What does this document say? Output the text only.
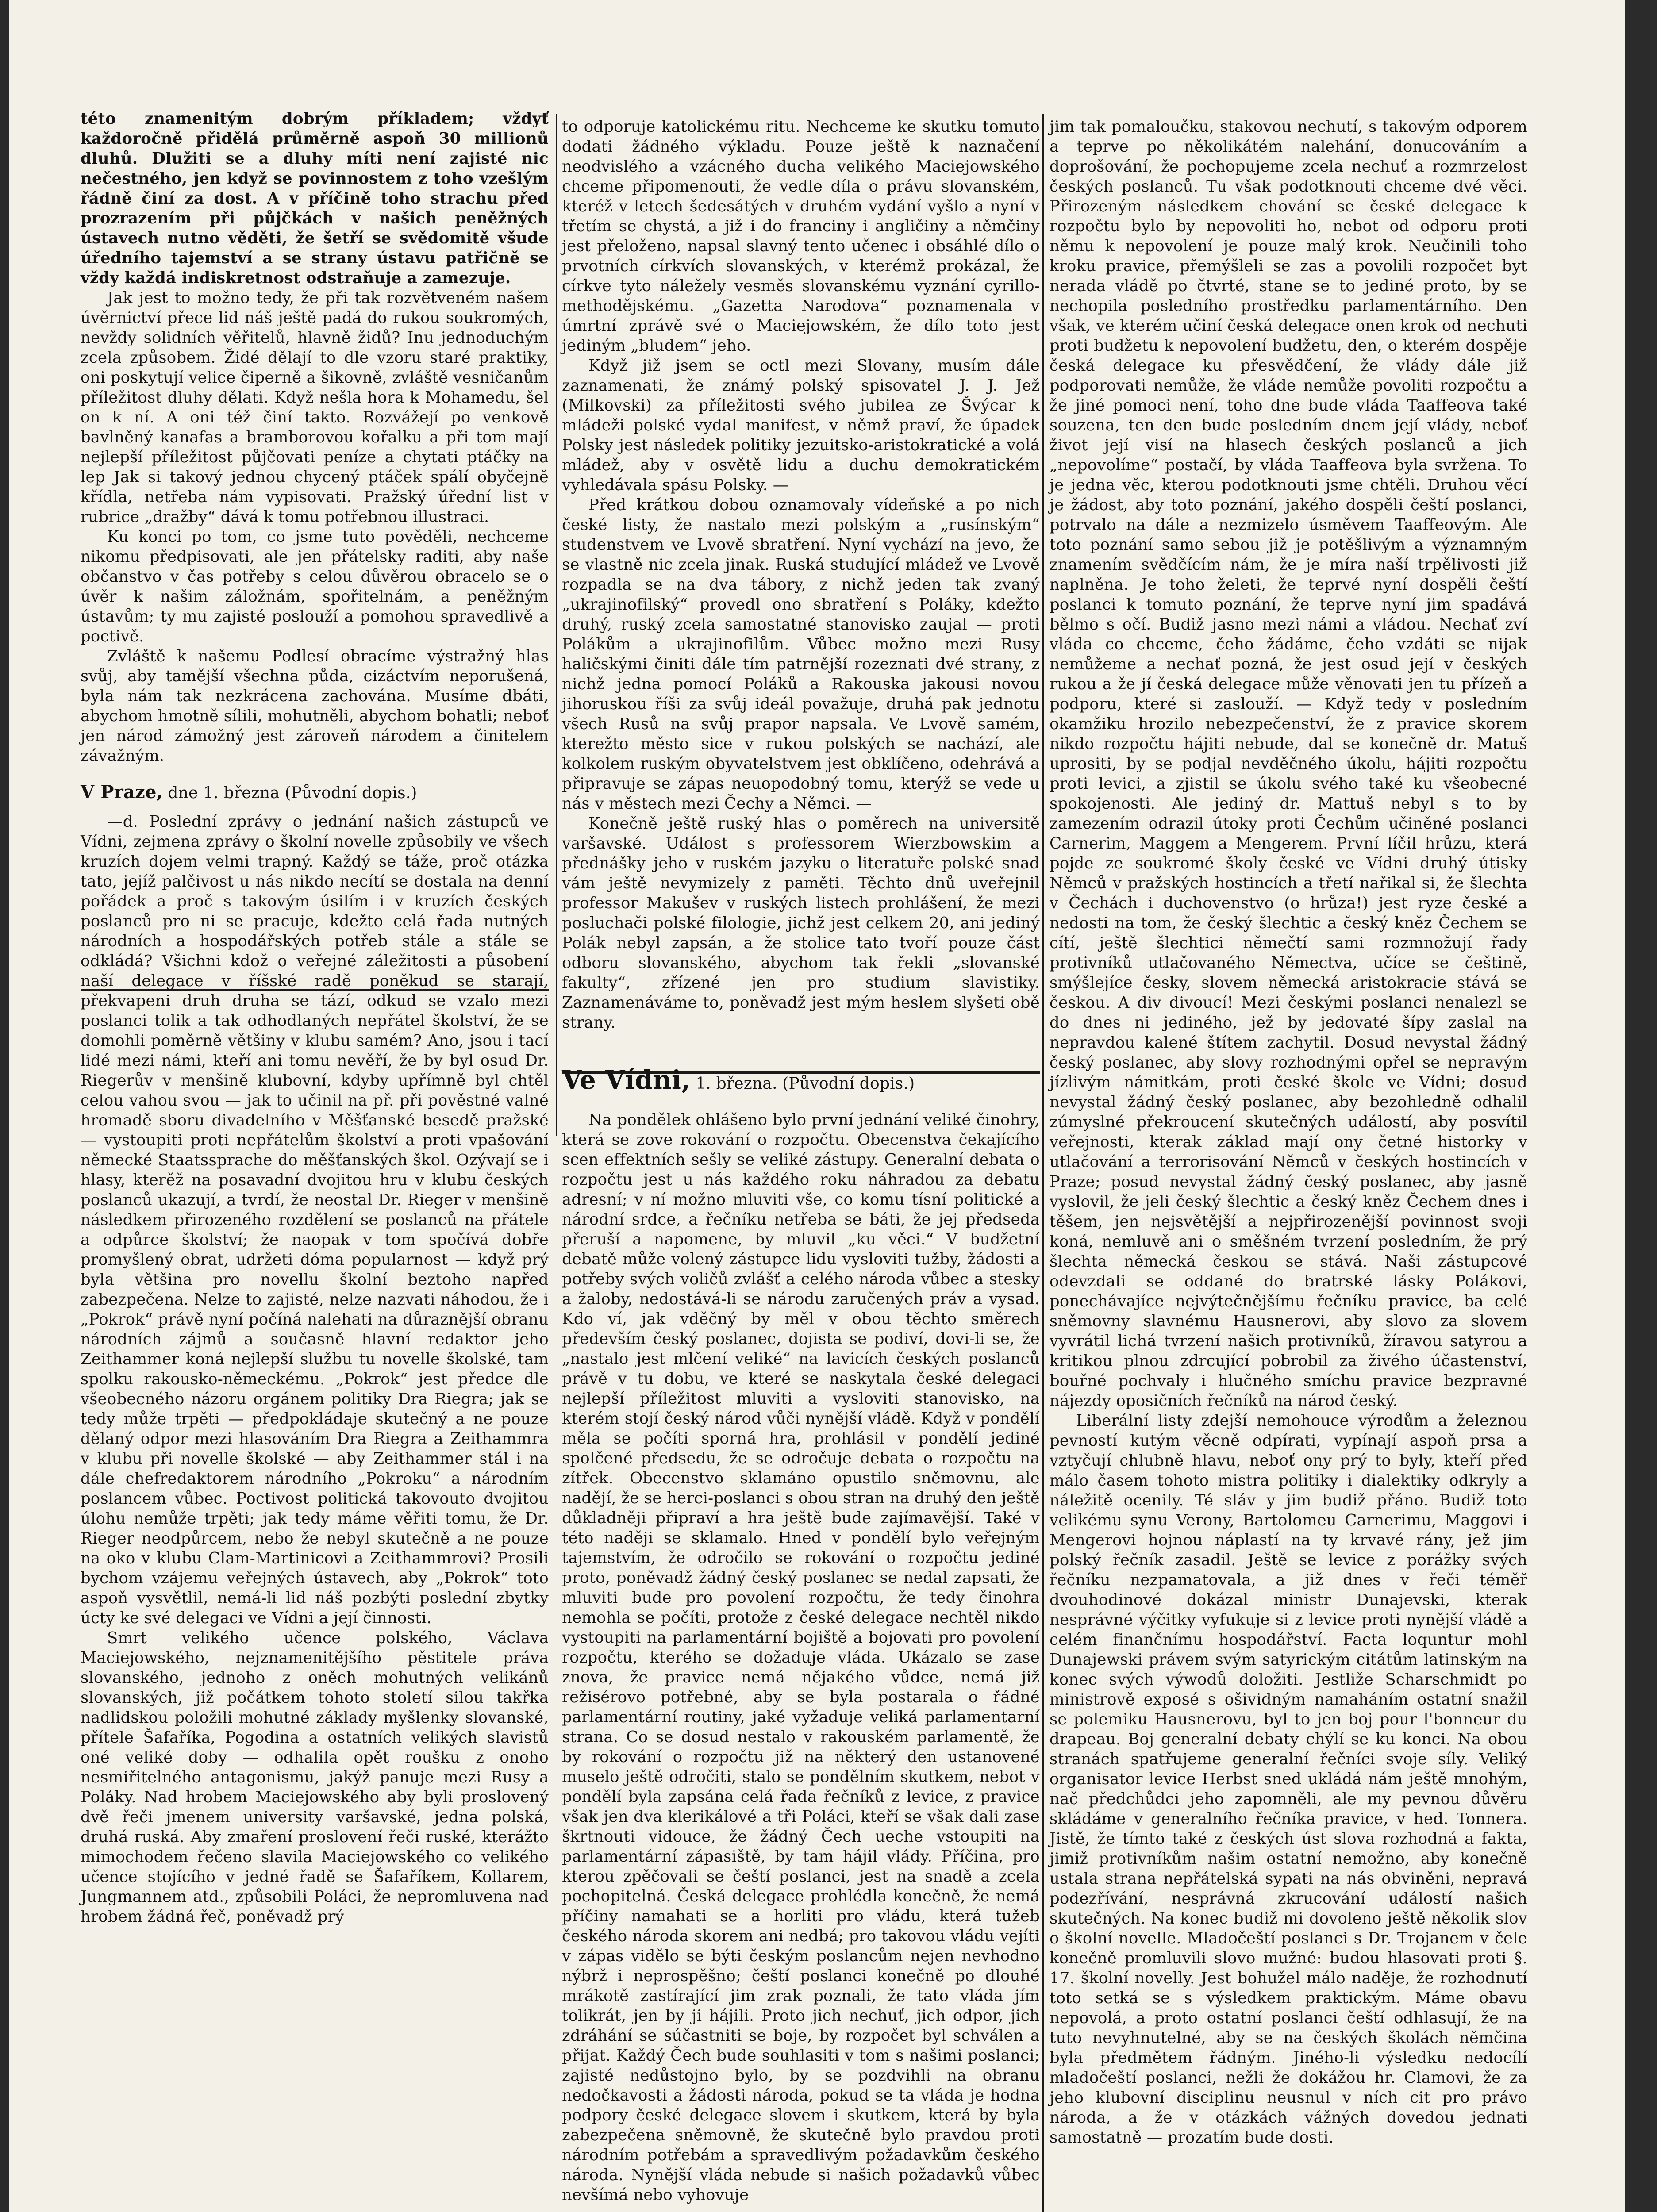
této znamenitým dobrým příkladem; vždyť každoročně přidělá průměrně aspoň 30 millionů dluhů. Dlužiti se a dluhy míti není zajisté nic nečestného, jen když se povinnostem z toho vzešlým řádně činí za dost. A v příčině toho strachu před prozrazením při půjčkách v našich peněžných ústavech nutno věděti, že šetří se svědomitě všude úředního tajemství a se strany ústavu patřičně se vždy každá indiskretnost odstraňuje a zamezuje.

Jak jest to možno tedy, že při tak rozvětveném našem úvěrnictví přece lid náš ještě padá do rukou soukromých, nevždy solidních věřitelů, hlavně židů? Inu jednoduchým zcela způsobem. Židé dělají to dle vzoru staré praktiky, oni poskytují velice čiperně a šikovně, zvláště vesničanům příležitost dluhy dělati. Když nešla hora k Mohamedu, šel on k ní. A oni též činí takto. Rozvážejí po venkově bavlněný kanafas a bramborovou kořalku a při tom mají nejlepší příležitost půjčovati peníze a chytati ptáčky na lep Jak si takový jednou chycený ptáček spálí obyčejně křídla, netřeba nám vypisovati. Pražský úřední list v rubrice „dražby“ dává k tomu potřebnou illustraci.

Ku konci po tom, co jsme tuto pověděli, nechceme nikomu předpisovati, ale jen přátelsky raditi, aby naše občanstvo v čas potřeby s celou důvěrou obracelo se o úvěr k našim záložnám, spořitelnám, a peněžným ústavům; ty mu zajisté poslouží a pomohou spravedlivě a poctivě.

Zvláště k našemu Podlesí obracíme výstražný hlas svůj, aby tamější všechna půda, cizáctvím neporušená, byla nám tak nezkrácena zachována. Musíme dbáti, abychom hmotně sílili, mohutněli, abychom bohatli; neboť jen národ zámožný jest zároveň národem a činitelem závažným.

V Praze, dne 1. března (Původní dopis.)

—d. Poslední zprávy o jednání našich zástupců ve Vídni, zejmena zprávy o školní novelle způsobily ve všech kruzích dojem velmi trapný. Každý se táže, proč otázka tato, jejíž palčivost u nás nikdo necítí se dostala na denní pořádek a proč s takovým úsilím i v kruzích českých poslanců pro ni se pracuje, kdežto celá řada nutných národních a hospodářských potřeb stále a stále se odkládá? Všichni kdož o veřejné záležitosti a působení naší delegace v říšské radě poněkud se starají, překvapeni druh druha se tází, odkud se vzalo mezi poslanci tolik a tak odhodlaných nepřátel školství, že se domohli poměrně většiny v klubu samém? Ano, jsou i tací lidé mezi námi, kteří ani tomu nevěří, že by byl osud Dr. Riegerův v menšině klubovní, kdyby upřímně byl chtěl celou vahou svou — jak to učinil na př. při pověstné valné hromadě sboru divadelního v Měšťanské besedě pražské — vystoupiti proti nepřátelům školství a proti vpašování německé Staatssprache do měšťanských škol. Ozývají se i hlasy, kterěž na posavadní dvojitou hru v klubu českých poslanců ukazují, a tvrdí, že neostal Dr. Rieger v menšině následkem přirozeného rozdělení se poslanců na přátele a odpůrce školství; že naopak v tom spočívá dobře promyšlený obrat, udržeti dóma popularnost — když prý byla většina pro novellu školní beztoho napřed zabezpečena. Nelze to zajisté, nelze nazvati náhodou, že i „Pokrok“ právě nyní počíná nalehati na důraznější obranu národních zájmů a současně hlavní redaktor jeho Zeithammer koná nejlepší službu tu novelle školské, tam spolku rakousko-německému. „Pokrok“ jest předce dle všeobecného názoru orgánem politiky Dra Riegra; jak se tedy může trpěti — předpokládaje skutečný a ne pouze dělaný odpor mezi hlasováním Dra Riegra a Zeithammra v klubu při novelle školské — aby Zeithammer stál i na dále chefredaktorem národního „Pokroku“ a národním poslancem vůbec. Poctivost politická takovouto dvojitou úlohu nemůže trpěti; jak tedy máme věřiti tomu, že Dr. Rieger neodpůrcem, nebo že nebyl skutečně a ne pouze na oko v klubu Clam-Martinicovi a Zeithammrovi? Prosili bychom vzájemu veřejných ústavech, aby „Pokrok“ toto aspoň vysvětlil, nemá-li lid náš pozbýti poslední zbytky úcty ke své delegaci ve Vídni a její činnosti.

Smrt velikého učence polského, Václava Maciejowského, nejznamenitějšího pěstitele práva slovanského, jednoho z oněch mohutných velikánů slovanských, již počátkem tohoto století silou takřka nadlidskou položili mohutné základy myšlenky slovanské, přítele Šafaříka, Pogodina a ostatních velikých slavistů oné veliké doby — odhalila opět roušku z onoho nesmiřitelného antagonismu, jakýž panuje mezi Rusy a Poláky. Nad hrobem Maciejowského aby byli proslovený dvě řeči jmenem university varšavské, jedna polská, druhá ruská. Aby zmaření proslovení řeči ruské, kterážto mimochodem řečeno slavila Maciejowského co velikého učence stojícího v jedné řadě se Šafaříkem, Kollarem, Jungmannem atd., způsobili Poláci, že nepromluvena nad hrobem žádná řeč, poněvadž prý

to odporuje katolickému ritu. Nechceme ke skutku tomuto dodati žádného výkladu. Pouze ještě k naznačení neodvislého a vzácného ducha velikého Maciejowského chceme připomenouti, že vedle díla o právu slovanském, kteréž v letech šedesátých v druhém vydání vyšlo a nyní v třetím se chystá, a již i do franciny i angličiny a němčiny jest přeloženo, napsal slavný tento učenec i obsáhlé dílo o prvotních církvích slovanských, v kterémž prokázal, že církve tyto náležely vesměs slovanskému vyznání cyrillo-methodějskému. „Gazetta Narodova“ poznamenala v úmrtní zprávě své o Maciejowském, že dílo toto jest jediným „bludem“ jeho.

Když již jsem se octl mezi Slovany, musím dále zaznamenati, že známý polský spisovatel J. J. Jež (Milkovski) za příležitosti svého jubilea ze Švýcar k mládeži polské vydal manifest, v němž praví, že úpadek Polsky jest následek politiky jezuitsko-aristokratické a volá mládež, aby v osvětě lidu a duchu demokratickém vyhledávala spásu Polsky. —

Před krátkou dobou oznamovaly vídeňské a po nich české listy, že nastalo mezi polským a „rusínským“ studenstvem ve Lvově sbratření. Nyní vychází na jevo, že se vlastně nic zcela jinak. Ruská studující mládež ve Lvově rozpadla se na dva tábory, z nichž jeden tak zvaný „ukrajinofilský“ provedl ono sbratření s Poláky, kdežto druhý, ruský zcela samostatné stanovisko zaujal — proti Polákům a ukrajinofilům. Vůbec možno mezi Rusy haličskými činiti dále tím patrnější rozeznati dvé strany, z nichž jedna pomocí Poláků a Rakouska jakousi novou jihoruskou říši za svůj ideál považuje, druhá pak jednotu všech Rusů na svůj prapor napsala. Ve Lvově samém, kterežto město sice v rukou polských se nachází, ale kolkolem ruským obyvatelstvem jest obklíčeno, odehrává a připravuje se zápas neuopodobný tomu, kterýž se vede u nás v městech mezi Čechy a Němci. —

Konečně ještě ruský hlas o poměrech na universitě varšavské. Událost s professorem Wierzbowskim a přednášky jeho v ruském jazyku o literatuře polské snad vám ještě nevymizely z paměti. Těchto dnů uveřejnil professor Makušev v ruských listech prohlášení, že mezi posluchači polské filologie, jichž jest celkem 20, ani jediný Polák nebyl zapsán, a že stolice tato tvoří pouze část odboru slovanského, abychom tak řekli „slovanské fakulty“, zřízené jen pro studium slavistiky. Zaznamenáváme to, poněvadž jest mým heslem slyšeti obě strany.

Ve Vídni, 1. března. (Původní dopis.)

Na pondělek ohlášeno bylo první jednání veliké činohry, která se zove rokování o rozpočtu. Obecenstva čekajícího scen effektních sešly se veliké zástupy. Generalní debata o rozpočtu jest u nás každého roku náhradou za debatu adresní; v ní možno mluviti vše, co komu tísní politické a národní srdce, a řečníku netřeba se báti, že jej předseda přeruší a napomene, by mluvil „ku věci.“ V budžetní debatě může volený zástupce lidu vysloviti tužby, žádosti a potřeby svých voličů zvlášť a celého národa vůbec a stesky a žaloby, nedostává-li se národu zaručených práv a vysad. Kdo ví, jak vděčný by měl v obou těchto směrech především český poslanec, dojista se podiví, dovi-li se, že „nastalo jest mlčení veliké“ na lavicích českých poslanců právě v tu dobu, ve které se naskytala české delegaci nejlepší příležitost mluviti a vysloviti stanovisko, na kterém stojí český národ vůči nynější vládě. Když v pondělí měla se počíti sporná hra, prohlásil v pondělí jediné spolčené předsedu, že se odročuje debata o rozpočtu na zítřek. Obecenstvo sklamáno opustilo sněmovnu, ale nadějí, že se herci-poslanci s obou stran na druhý den ještě důkladněji připraví a hra ještě bude zajímavější. Také v této naději se sklamalo. Hned v pondělí bylo veřejným tajemstvím, že odročilo se rokování o rozpočtu jediné proto, poněvadž žádný český poslanec se nedal zapsati, že mluviti bude pro povolení rozpočtu, že tedy činohra nemohla se počíti, protože z české delegace nechtěl nikdo vystoupiti na parlamentární bojiště a bojovati pro povolení rozpočtu, kterého se dožaduje vláda. Ukázalo se zase znova, že pravice nemá nějakého vůdce, nemá již režisérovo potřebné, aby se byla postarala o řádné parlamentární routiny, jaké vyžaduje veliká parlamentarní strana. Co se dosud nestalo v rakouském parlamentě, že by rokování o rozpočtu již na některý den ustanovené muselo ještě odročiti, stalo se pondělním skutkem, nebot v pondělí byla zapsána celá řada řečníků z levice, z pravice však jen dva klerikálové a tři Poláci, kteří se však dali zase škrtnouti vidouce, že žádný Čech ueche vstoupiti na parlamentární zápasiště, by tam hájil vlády. Příčina, pro kterou zpěčovali se čeští poslanci, jest na snadě a zcela pochopitelná. Česká delegace prohlédla konečně, že nemá příčiny namahati se a horliti pro vládu, která tužeb českého národa skorem ani nedbá; pro takovou vládu vejíti v zápas vidělo se býti českým poslancům nejen nevhodno nýbrž i neprospěšno; čeští poslanci konečně po dlouhé mrákotě zastírající jim zrak poznali, že tato vláda jím tolikrát, jen by ji hájili. Proto jich nechuť, jich odpor, jich zdráhání se súčastniti se boje, by rozpočet byl schválen a přijat. Každý Čech bude souhlasiti v tom s našimi poslanci; zajisté nedůstojno bylo, by se pozdvihli na obranu nedočkavosti a žádosti národa, pokud se ta vláda je hodna podpory české delegace slovem i skutkem, která by byla zabezpečena sněmovně, že skutečně bylo pravdou proti národním potřebám a spravedlivým požadavkům českého národa. Nynější vláda nebude si našich požadavků vůbec nevšímá nebo vyhovuje

jim tak pomaloučku, stakovou nechutí, s takovým odporem a teprve po několikátém nalehání, donucováním a doprošování, že pochopujeme zcela nechuť a rozmrzelost českých poslanců. Tu však podotknouti chceme dvé věci. Přirozeným následkem chování se české delegace k rozpočtu bylo by nepovoliti ho, nebot od odporu proti němu k nepovolení je pouze malý krok. Neučinili toho kroku pravice, přemýšleli se zas a povolili rozpočet byt nerada vládě po čtvrté, stane se to jediné proto, by se nechopila posledního prostředku parlamentárního. Den však, ve kterém učiní česká delegace onen krok od nechuti proti budžetu k nepovolení budžetu, den, o kterém dospěje česká delegace ku přesvědčení, že vlády dále již podporovati nemůže, že vláde nemůže povoliti rozpočtu a že jiné pomoci není, toho dne bude vláda Taaffeova také souzena, ten den bude posledním dnem její vlády, neboť život její visí na hlasech českých poslanců a jich „nepovolíme“ postačí, by vláda Taaffeova byla svržena. To je jedna věc, kterou podotknouti jsme chtěli. Druhou věcí je žádost, aby toto poznání, jakého dospěli čeští poslanci, potrvalo na dále a nezmizelo úsměvem Taaffeovým. Ale toto poznání samo sebou již je potěšlivým a významným znamením svědčícím nám, že je míra naší trpělivosti již naplněna. Je toho želeti, že teprvé nyní dospěli čeští poslanci k tomuto poznání, že teprve nyní jim spadává bělmo s očí. Budiž jasno mezi námi a vládou. Nechať zví vláda co chceme, čeho žádáme, čeho vzdáti se nijak nemůžeme a nechať pozná, že jest osud její v českých rukou a že jí česká delegace může věnovati jen tu přízeň a podporu, které si zaslouží. — Když tedy v posledním okamžiku hrozilo nebezpečenství, že z pravice skorem nikdo rozpočtu hájiti nebude, dal se konečně dr. Matuš uprositi, by se podjal nevděčného úkolu, hájiti rozpočtu proti levici, a zjistil se úkolu svého také ku všeobecné spokojenosti. Ale jediný dr. Mattuš nebyl s to by zamezením odrazil útoky proti Čechům učiněné poslanci Carnerim, Maggem a Mengerem. První líčil hrůzu, která pojde ze soukromé školy české ve Vídni druhý útisky Němců v pražských hostincích a třetí nařikal si, že šlechta v Čechách i duchovenstvo (o hrůza!) jest ryze české a nedosti na tom, že český šlechtic a český kněz Čechem se cítí, ještě šlechtici němečtí sami rozmnožují řady protivníků utlačovaného Němectva, učíce se češtině, smýšlejíce česky, slovem německá aristokracie stává se českou. A div divoucí! Mezi českými poslanci nenalezl se do dnes ni jediného, jež by jedovaté šípy zaslal na nepravdou kalené štítem zachytil. Dosud nevystal žádný český poslanec, aby slovy rozhodnými opřel se nepravým jízlivým námitkám, proti české škole ve Vídni; dosud nevystal žádný český poslanec, aby bezohledně odhalil zúmyslné překroucení skutečných událostí, aby posvítil veřejnosti, kterak základ mají ony četné historky v utlačování a terrorisování Němců v českých hostincích v Praze; posud nevystal žádný český poslanec, aby jasně vyslovil, že jeli český šlechtic a český kněz Čechem dnes i těšem, jen nejsvětější a nejpřirozenější povinnost svoji koná, nemluvě ani o směšném tvrzení posledním, že prý šlechta německá českou se stává. Naši zástupcové odevzdali se oddané do bratrské lásky Polákovi, ponechávajíce nejvýtečnějšímu řečníku pravice, ba celé sněmovny slavnému Hausnerovi, aby slovo za slovem vyvrátil lichá tvrzení našich protivníků, žíravou satyrou a kritikou plnou zdrcující pobrobil za živého účastenství, bouřné pochvaly i hlučného smíchu pravice bezpravné nájezdy oposičních řečníků na národ český.

Liberální listy zdejší nemohouce výrodům a železnou pevností kutým věcně odpírati, vypínají aspoň prsa a vztyčují chlubně hlavu, neboť ony prý to byly, kteří před málo časem tohoto mistra politiky i dialektiky odkryly a náležitě ocenily. Té sláv y jim budiž přáno. Budiž toto velikému synu Verony, Bartolomeu Carnerimu, Maggovi i Mengerovi hojnou náplastí na ty krvavé rány, jež jim polský řečník zasadil. Ještě se levice z porážky svých řečníku nezpamatovala, a již dnes v řeči téměř dvouhodinové dokázal ministr Dunajevski, kterak nesprávné výčitky vyfukuje si z levice proti nynější vládě a celém finančnímu hospodářství. Facta loquntur mohl Dunajewski právem svým satyrickým citátům latinským na konec svých výwodů doložiti. Jestliže Scharschmidt po ministrově exposé s ošividným namaháním ostatní snažil se polemiku Hausnerovu, byl to jen boj pour l'bonneur du drapeau. Boj generalní debaty chýlí se ku konci. Na obou stranách spatřujeme generalní řečníci svoje síly. Veliký organisator levice Herbst sned ukládá nám ještě mnohým, nač předchůdci jeho zapomněli, ale my pevnou důvěru skládáme v generalního řečníka pravice, v hed. Tonnera. Jistě, že tímto také z českých úst slova rozhodná a fakta, jimiž protivníkům našim ostatní nemožno, aby konečně ustala strana nepřátelská sypati na nás obviněni, nepravá podezřívání, nesprávná zkrucování událostí našich skutečných. Na konec budiž mi dovoleno ještě několik slov o školní novelle. Mladočeští poslanci s Dr. Trojanem v čele konečně promluvili slovo mužné: budou hlasovati proti §. 17. školní novelly. Jest bohužel málo naděje, že rozhodnutí toto setká se s výsledkem praktickým. Máme obavu nepovolá, a proto ostatní poslanci čeští odhlasují, že na tuto nevyhnutelné, aby se na českých školách němčina byla předmětem řádným. Jiného-li výsledku nedocílí mladočeští poslanci, nežli že dokážou hr. Clamovi, že za jeho klubovní disciplinu neusnul v ních cit pro právo národa, a že v otázkách vážných dovedou jednati samostatně — prozatím bude dosti.
